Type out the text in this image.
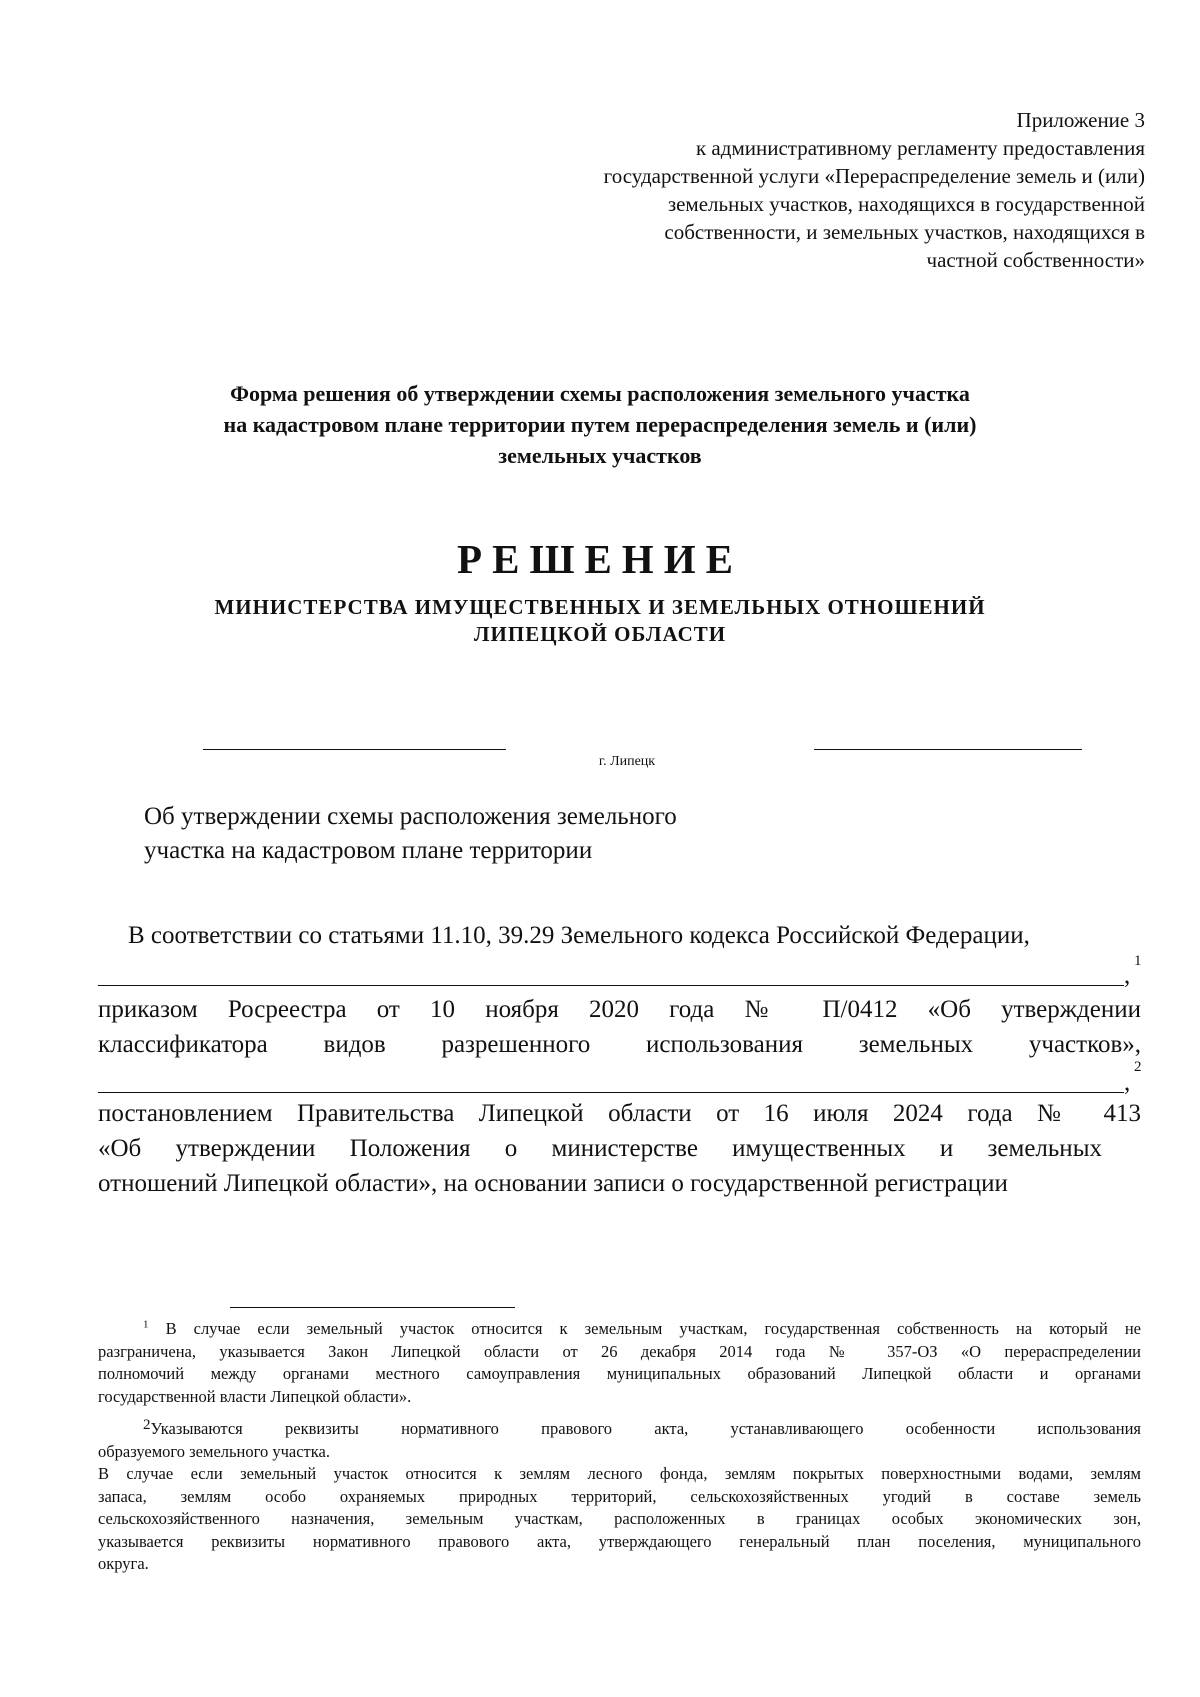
Приложение 3
к административному регламенту предоставления
государственной услуги «Перераспределение земель и (или)
земельных участков, находящихся в государственной
собственности, и земельных участков, находящихся в
частной собственности»
Форма решения об утверждении схемы расположения земельного участка
на кадастровом плане территории путем перераспределения земель и (или)
земельных участков
РЕШЕНИЕ
МИНИСТЕРСТВА ИМУЩЕСТВЕННЫХ И ЗЕМЕЛЬНЫХ ОТНОШЕНИЙ
ЛИПЕЦКОЙ ОБЛАСТИ
г. Липецк
Об утверждении схемы расположения земельного
участка на кадастровом плане территории
В соответствии со статьями 11.10, 39.29 Земельного кодекса Российской Федерации,
,
1
приказом Росреестра от 10 ноября 2020 года № П/0412 «Об утверждении
классификатора видов разрешенного использования земельных участков»,
,
2
постановлением Правительства Липецкой области от 16 июля 2024 года № 413
«Об утверждении Положения о министерстве имущественных и земельных
отношений Липецкой области», на основании записи о государственной регистрации
$^1$ В случае если земельный участок относится к земельным участкам, государственная собственность на который не
разграничена, указывается Закон Липецкой области от 26 декабря 2014 года № 357-ОЗ «О перераспределении
полномочий между органами местного самоуправления муниципальных образований Липецкой области и органами
государственной власти Липецкой области».
2Указываются реквизиты нормативного правового акта, устанавливающего особенности использования
образуемого земельного участка.
В случае если земельный участок относится к землям лесного фонда, землям покрытых поверхностными водами, землям
запаса, землям особо охраняемых природных территорий, сельскохозяйственных угодий в составе земель
сельскохозяйственного назначения, земельным участкам, расположенных в границах особых экономических зон,
указывается реквизиты нормативного правового акта, утверждающего генеральный план поселения, муниципального
округа.
